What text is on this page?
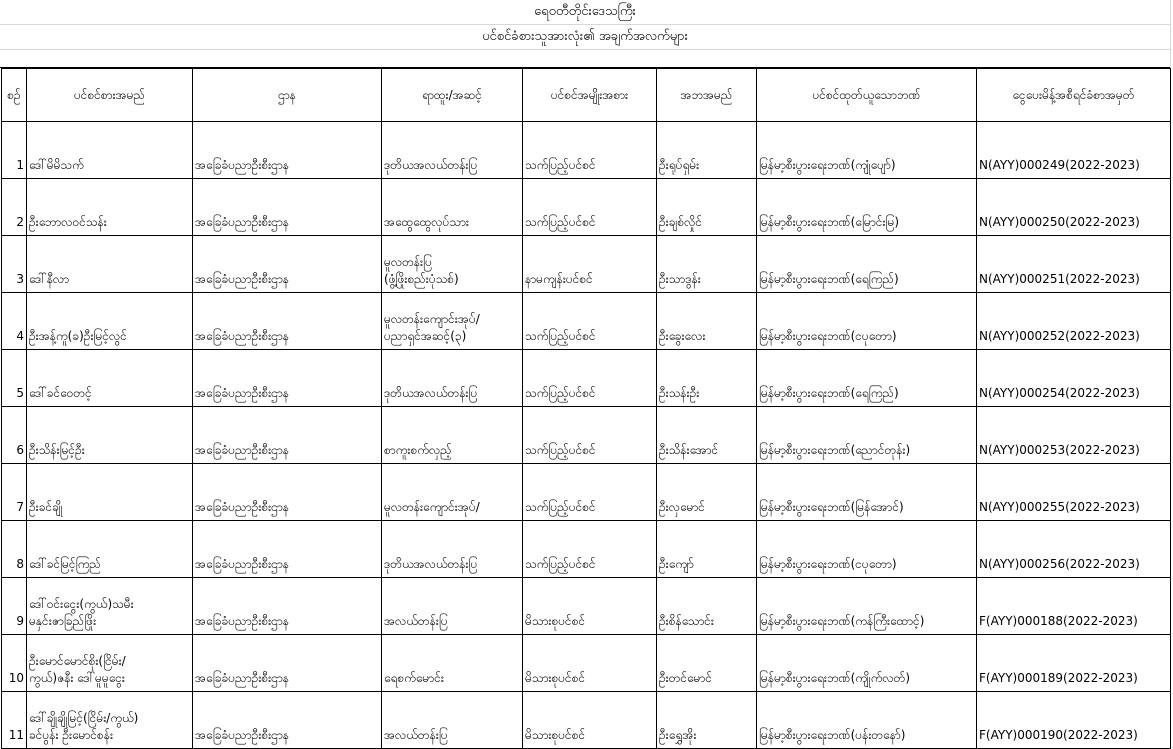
ရေဝတီတိုင်းဒေသကြီး
ပင်စင်ခံစားသူအားလုံး၏ အချက်အလက်များ
စဉ်	ပင်စင်စားအမည်	ဌာန	ရာထူး/အဆင့်	ပင်စင်အမျိုးအစား	အဘအမည်	ပင်စင်ထုတ်ယူသောဘဏ်	ငွေပေးမိန့်အစီရင်ခံစာအမှတ်
1	ဒေါ်မိမိသက်	အခြေခံပညာဦးစီးဌာန	ဒုတိယအလယ်တန်းပြ	သက်ပြည့်ပင်စင်	ဦးရုပ်ရှမ်း	မြန်မာ့စီးပွားရေးဘဏ်(ကျုံပျော်)	N(AYY)000249(2022-2023)
2	ဦးဘောလဝင်သန်း	အခြေခံပညာဦးစီးဌာန	အထွေထွေလုပ်သား	သက်ပြည့်ပင်စင်	ဦးချစ်လှိုင်	မြန်မာ့စီးပွားရေးဘဏ်(မြောင်းမြ)	N(AYY)000250(2022-2023)
3	ဒေါ်နီလာ	အခြေခံပညာဦးစီးဌာန	မူလတန်းပြ
(ဖွံ့ဖြိုးစည်းပုံသစ်)	နာမကျန်းပင်စင်	ဦးသာဒွန်း	မြန်မာ့စီးပွားရေးဘဏ်(ရေကြည်)	N(AYY)000251(2022-2023)
4	ဦးအန့်ကူ(ခ)ဦးမြင့်လွင်	အခြေခံပညာဦးစီးဌာန	မူလတန်းကျောင်းအုပ်/
ပညာရှင်အဆင့်(၃)	သက်ပြည့်ပင်စင်	ဦးခွေးလေး	မြန်မာ့စီးပွားရေးဘဏ်(ငပုတော)	N(AYY)000252(2022-2023)
5	ဒေါ်ခင်ဝေတင့်	အခြေခံပညာဦးစီးဌာန	ဒုတိယအလယ်တန်းပြ	သက်ပြည့်ပင်စင်	ဦးသန်းဦး	မြန်မာ့စီးပွားရေးဘဏ်(ရေကြည်)	N(AYY)000254(2022-2023)
6	ဦးသိန်းမြင့်ဦး	အခြေခံပညာဦးစီးဌာန	စာကူးစက်လှည့်	သက်ပြည့်ပင်စင်	ဦးသိန်းအောင်	မြန်မာ့စီးပွားရေးဘဏ်(ညောင်တုန်း)	N(AYY)000253(2022-2023)
7	ဦးခင်ချို	အခြေခံပညာဦးစီးဌာန	မူလတန်းကျောင်းအုပ်/	သက်ပြည့်ပင်စင်	ဦးလှမောင်	မြန်မာ့စီးပွားရေးဘဏ်(မြန်အောင်)	N(AYY)000255(2022-2023)
8	ဒေါ်ခင်မြင့်ကြည်	အခြေခံပညာဦးစီးဌာန	ဒုတိယအလယ်တန်းပြ	သက်ပြည့်ပင်စင်	ဦးကျော်	မြန်မာ့စီးပွားရေးဘဏ်(ငပုတော)	N(AYY)000256(2022-2023)
9	ဒေါ်ဝင်းငွေး(ကွယ်)သမီး
မနှင်းဇာခြည်ဖြိုး	အခြေခံပညာဦးစီးဌာန	အလယ်တန်းပြ	မိသားစုပင်စင်	ဦးစိန်သောင်း	မြန်မာ့စီးပွားရေးဘဏ်(ကန်ကြီးထောင့်)	F(AYY)000188(2022-2023)
10	ဦးမောင်မောင်စိုး(ငြိမ်း/
ကွယ်)ဇနီး ဒေါ်မူမူငွေး	အခြေခံပညာဦးစီးဌာန	ရေစက်မောင်း	မိသားစုပင်စင်	ဦးတင်မောင်	မြန်မာ့စီးပွားရေးဘဏ်(ကျိုက်လတ်)	F(AYY)000189(2022-2023)
11	ဒေါ်ချိုချိုမြင့်(ငြိမ်း/ကွယ်)
ခင်ပွန်း ဦးမောင်စန်း	အခြေခံပညာဦးစီးဌာန	အလယ်တန်းပြ	မိသားစုပင်စင်	ဦးရွှေအိုး	မြန်မာ့စီးပွားရေးဘဏ်(ပန်းတနော်)	F(AYY)000190(2022-2023)
